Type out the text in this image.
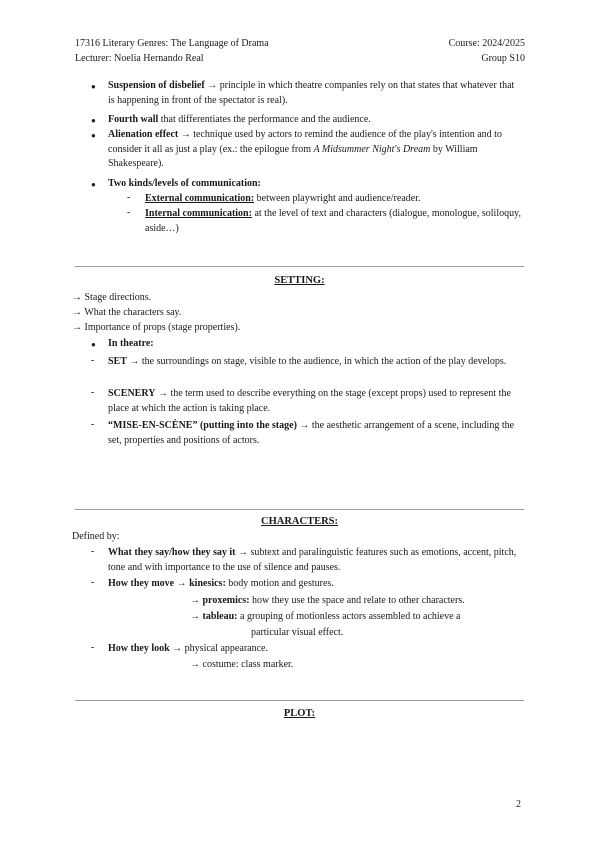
17316 Literary Genres: The Language of Drama	Course: 2024/2025
Lecturer: Noelia Hernando Real	Group S10
● Suspension of disbelief → principle in which theatre companies rely on that states that whatever that is happening in front of the spectator is real).
● Fourth wall that differentiates the performance and the audience.
● Alienation effect → technique used by actors to remind the audience of the play's intention and to consider it all as just a play (ex.: the epilogue from A Midsummer Night's Dream by William Shakespeare).
● Two kinds/levels of communication:
- External communication: between playwright and audience/reader.
- Internal communication: at the level of text and characters (dialogue, monologue, soliloquy, aside…)
SETTING:
→ Stage directions.
→ What the characters say.
→ Importance of props (stage properties).
● In theatre:
- SET → the surroundings on stage, visible to the audience, in which the action of the play develops.
- SCENERY → the term used to describe everything on the stage (except props) used to represent the place at which the action is taking place.
- “MISE-EN-SCÈNE” (putting into the stage) → the aesthetic arrangement of a scene, including the set, properties and positions of actors.
CHARACTERS:
Defined by:
- What they say/how they say it → subtext and paralinguistic features such as emotions, accent, pitch, tone and with importance to the use of silence and pauses.
- How they move → kinesics: body motion and gestures.
→ proxemics: how they use the space and relate to other characters.
→ tableau: a grouping of motionless actors assembled to achieve a
particular visual effect.
- How they look → physical appearance.
→ costume: class marker.
PLOT:
2
